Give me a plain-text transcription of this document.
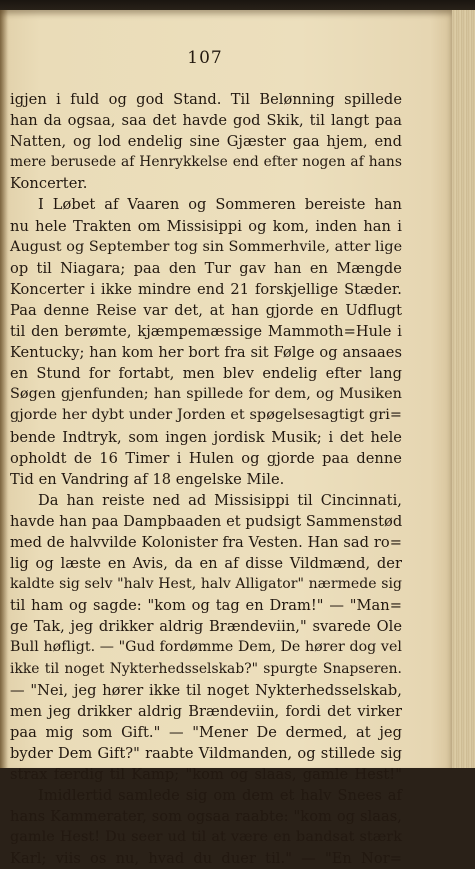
107
igjen i fuld og god Stand. Til Belønning spillede
han da ogsaa, saa det havde god Skik, til langt paa
Natten, og lod endelig sine Gjæster gaa hjem, end
mere berusede af Henrykkelse end efter nogen af hans
Koncerter.
I Løbet af Vaaren og Sommeren bereiste han
nu hele Trakten om Missisippi og kom, inden han i
August og September tog sin Sommerhvile, atter lige
op til Niagara; paa den Tur gav han en Mængde
Koncerter i ikke mindre end 21 forskjellige Stæder.
Paa denne Reise var det, at han gjorde en Udflugt
til den berømte, kjæmpemæssige Mammoth=Hule i
Kentucky; han kom her bort fra sit Følge og ansaaes
en Stund for fortabt, men blev endelig efter lang
Søgen gjenfunden; han spillede for dem, og Musiken
gjorde her dybt under Jorden et spøgelsesagtigt gri=
bende Indtryk, som ingen jordisk Musik; i det hele
opholdt de 16 Timer i Hulen og gjorde paa denne
Tid en Vandring af 18 engelske Mile.
Da han reiste ned ad Missisippi til Cincinnati,
havde han paa Dampbaaden et pudsigt Sammenstød
med de halvvilde Kolonister fra Vesten. Han sad ro=
lig og læste en Avis, da en af disse Vildmænd, der
kaldte sig selv "halv Hest, halv Alligator" nærmede sig
til ham og sagde: "kom og tag en Dram!" — "Man=
ge Tak, jeg drikker aldrig Brændeviin," svarede Ole
Bull høfligt. — "Gud fordømme Dem, De hører dog vel
ikke til noget Nykterhedsselskab?" spurgte Snapseren.
— "Nei, jeg hører ikke til noget Nykterhedsselskab,
men jeg drikker aldrig Brændeviin, fordi det virker
paa mig som Gift." — "Mener De dermed, at jeg
byder Dem Gift?" raabte Vildmanden, og stillede sig
strax færdig til Kamp; "kom og slaas, gamle Hest!"
Imidlertid samlede sig om dem et halv Snees af
hans Kammerater, som ogsaa raabte: "kom og slaas,
gamle Hest! Du seer ud til at være en bandsat stærk
Karl; viis os nu, hvad du duer til." — "En Nor=
